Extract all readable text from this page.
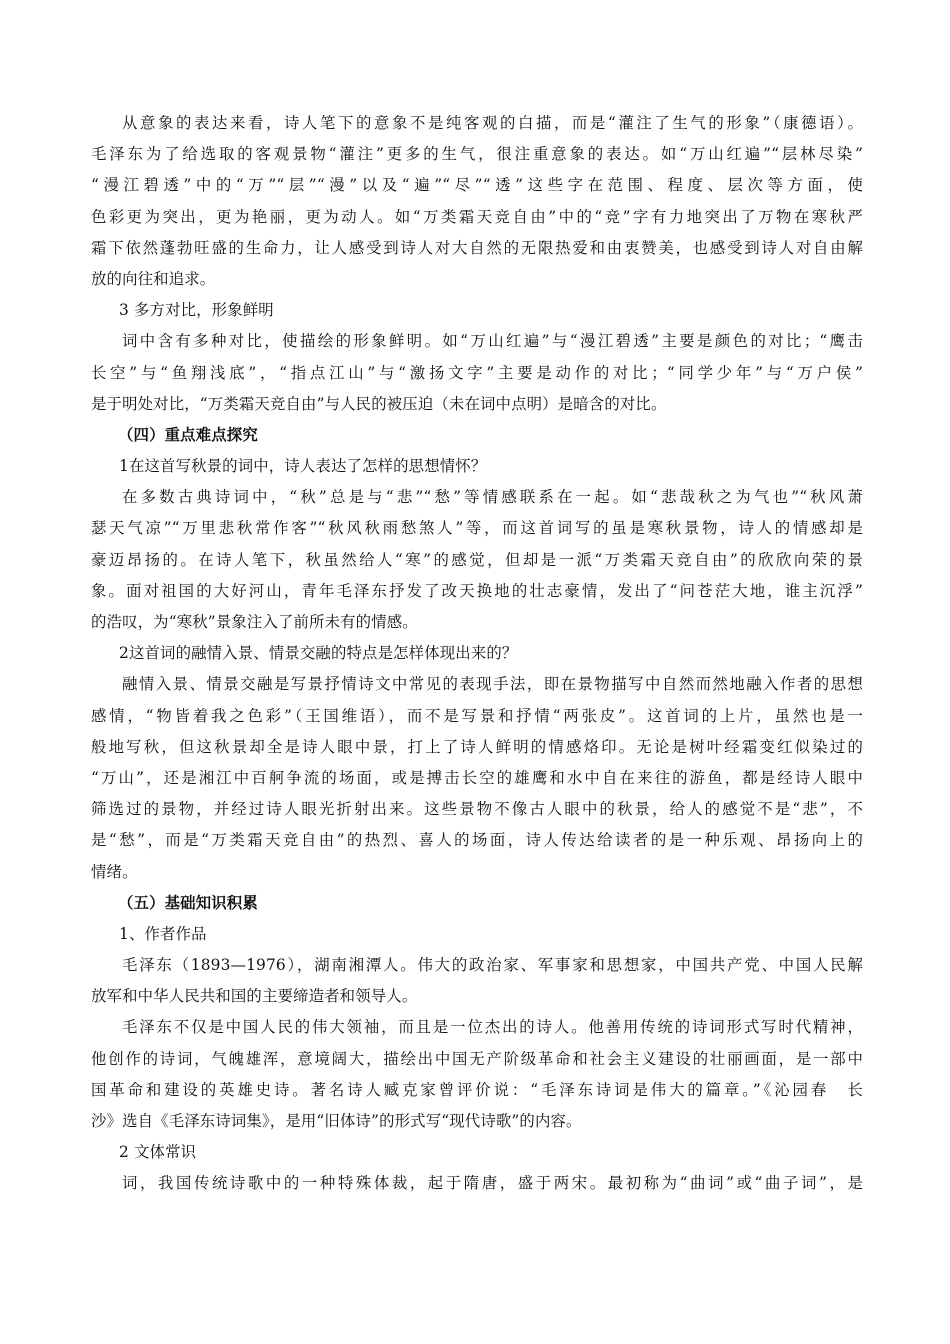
从意象的表达来看，诗人笔下的意象不是纯客观的白描，而是“灌注了生气的形象”（康德语）。
毛泽东为了给选取的客观景物“灌注”更多的生气，很注重意象的表达。如“万山红遍”“层林尽染”
“漫江碧透”中的“万”“层”“漫”以及“遍”“尽”“透”这些字在范围、程度、层次等方面，使
色彩更为突出，更为艳丽，更为动人。如“万类霜天竞自由”中的“竞”字有力地突出了万物在寒秋严
霜下依然蓬勃旺盛的生命力，让人感受到诗人对大自然的无限热爱和由衷赞美，也感受到诗人对自由解
放的向往和追求。
3 多方对比，形象鲜明
词中含有多种对比，使描绘的形象鲜明。如“万山红遍”与“漫江碧透”主要是颜色的对比；“鹰击
长空”与“鱼翔浅底”，“指点江山”与“激扬文字”主要是动作的对比；“同学少年”与“万户侯”
是于明处对比，“万类霜天竞自由”与人民的被压迫（未在词中点明）是暗含的对比。
（四）重点难点探究
1在这首写秋景的词中，诗人表达了怎样的思想情怀？
在多数古典诗词中，“秋”总是与“悲”“愁”等情感联系在一起。如“悲哉秋之为气也”“秋风萧
瑟天气凉”“万里悲秋常作客”“秋风秋雨愁煞人”等，而这首词写的虽是寒秋景物，诗人的情感却是
豪迈昂扬的。在诗人笔下，秋虽然给人“寒”的感觉，但却是一派“万类霜天竞自由”的欣欣向荣的景
象。面对祖国的大好河山，青年毛泽东抒发了改天换地的壮志豪情，发出了“问苍茫大地，谁主沉浮”
的浩叹，为“寒秋”景象注入了前所未有的情感。
2这首词的融情入景、情景交融的特点是怎样体现出来的？
融情入景、情景交融是写景抒情诗文中常见的表现手法，即在景物描写中自然而然地融入作者的思想
感情，“物皆着我之色彩”（王国维语），而不是写景和抒情“两张皮”。这首词的上片，虽然也是一
般地写秋，但这秋景却全是诗人眼中景，打上了诗人鲜明的情感烙印。无论是树叶经霜变红似染过的
“万山”，还是湘江中百舸争流的场面，或是搏击长空的雄鹰和水中自在来往的游鱼，都是经诗人眼中
筛选过的景物，并经过诗人眼光折射出来。这些景物不像古人眼中的秋景，给人的感觉不是“悲”，不
是“愁”，而是“万类霜天竞自由”的热烈、喜人的场面，诗人传达给读者的是一种乐观、昂扬向上的
情绪。
（五）基础知识积累
1、作者作品
毛泽东（1893—1976），湖南湘潭人。伟大的政治家、军事家和思想家，中国共产党、中国人民解
放军和中华人民共和国的主要缔造者和领导人。
毛泽东不仅是中国人民的伟大领袖，而且是一位杰出的诗人。他善用传统的诗词形式写时代精神，
他创作的诗词，气魄雄浑，意境阔大，描绘出中国无产阶级革命和社会主义建设的壮丽画面，是一部中
国革命和建设的英雄史诗。著名诗人臧克家曾评价说：“毛泽东诗词是伟大的篇章。”《沁园春　长
沙》选自《毛泽东诗词集》，是用“旧体诗”的形式写“现代诗歌”的内容。
2 文体常识
词，我国传统诗歌中的一种特殊体裁，起于隋唐，盛于两宋。最初称为“曲词”或“曲子词”，是
